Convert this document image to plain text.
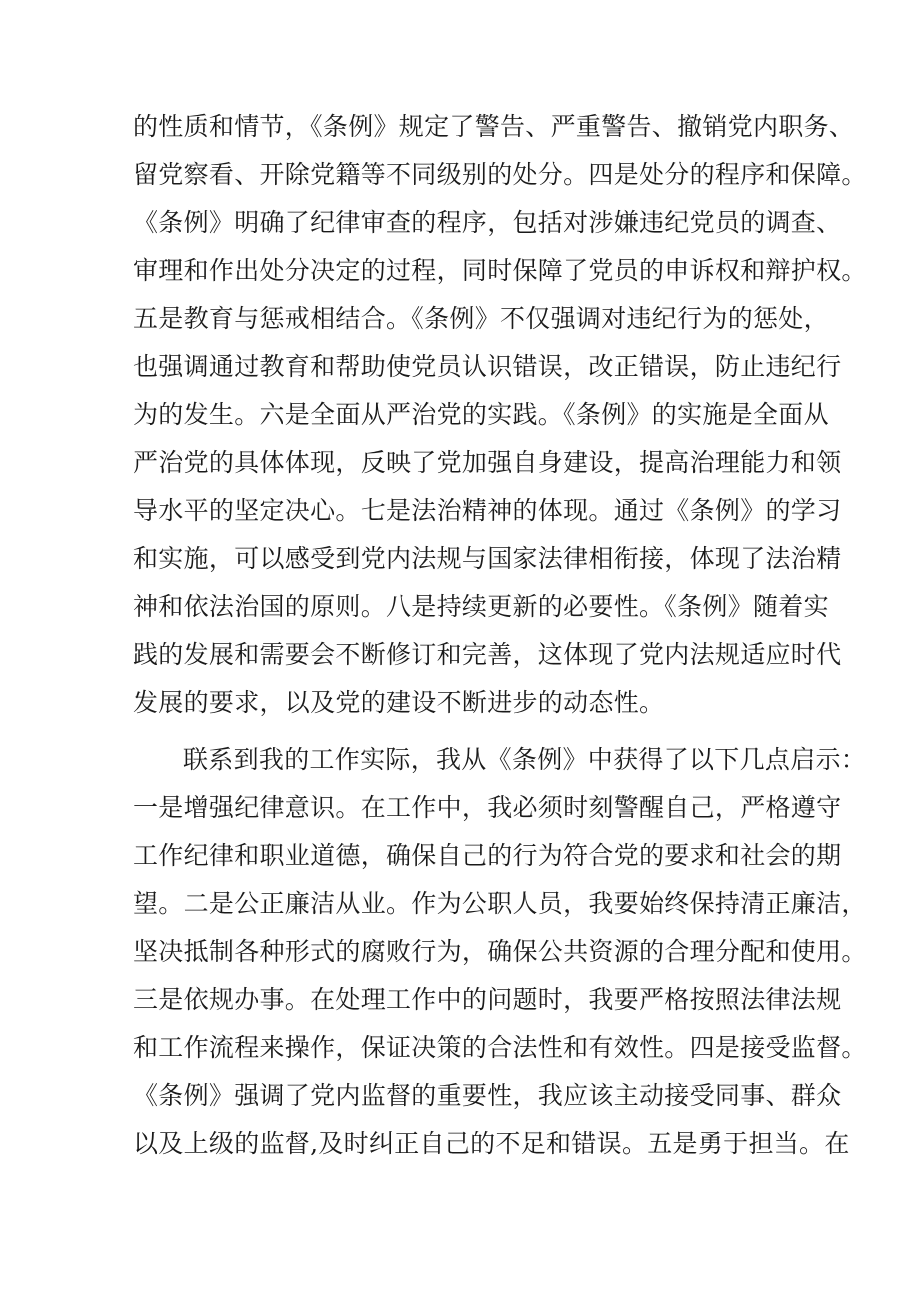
的性质和情节，《条例》规定了警告、严重警告、撤销党内职务、
留党察看、开除党籍等不同级别的处分。四是处分的程序和保障。
《条例》明确了纪律审查的程序，包括对涉嫌违纪党员的调查、
审理和作出处分决定的过程，同时保障了党员的申诉权和辩护权。
五是教育与惩戒相结合。《条例》不仅强调对违纪行为的惩处，
也强调通过教育和帮助使党员认识错误，改正错误，防止违纪行
为的发生。六是全面从严治党的实践。《条例》的实施是全面从
严治党的具体体现，反映了党加强自身建设，提高治理能力和领
导水平的坚定决心。七是法治精神的体现。通过《条例》的学习
和实施，可以感受到党内法规与国家法律相衔接，体现了法治精
神和依法治国的原则。八是持续更新的必要性。《条例》随着实
践的发展和需要会不断修订和完善，这体现了党内法规适应时代
发展的要求，以及党的建设不断进步的动态性。
联系到我的工作实际，我从《条例》中获得了以下几点启示：
一是增强纪律意识。在工作中，我必须时刻警醒自己，严格遵守
工作纪律和职业道德，确保自己的行为符合党的要求和社会的期
望。二是公正廉洁从业。作为公职人员，我要始终保持清正廉洁，
坚决抵制各种形式的腐败行为，确保公共资源的合理分配和使用。
三是依规办事。在处理工作中的问题时，我要严格按照法律法规
和工作流程来操作，保证决策的合法性和有效性。四是接受监督。
《条例》强调了党内监督的重要性，我应该主动接受同事、群众
以及上级的监督,及时纠正自己的不足和错误。五是勇于担当。在
